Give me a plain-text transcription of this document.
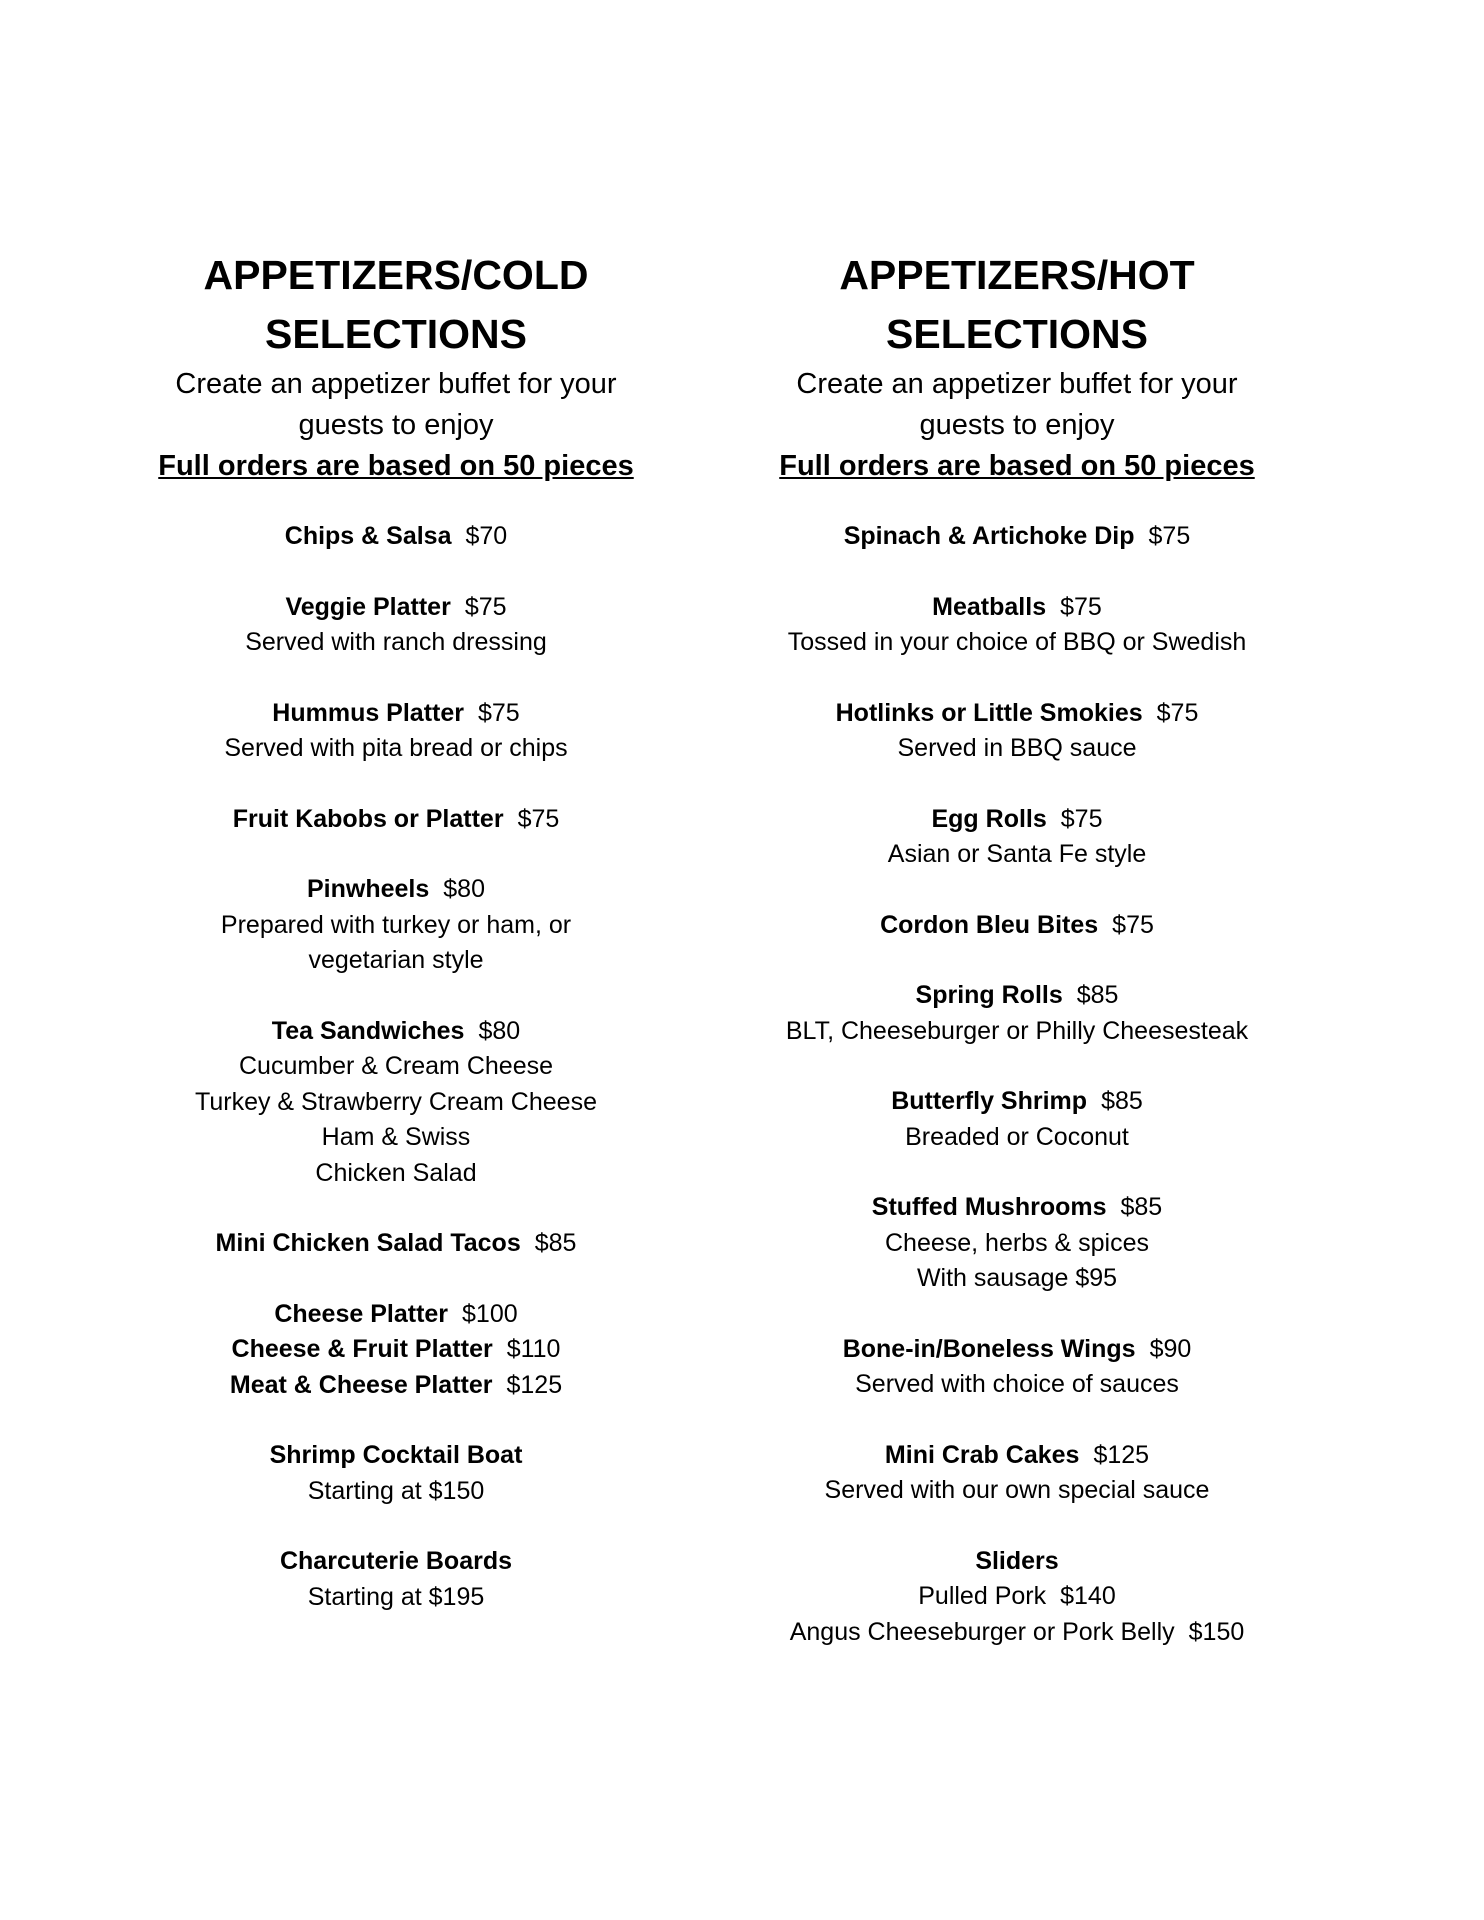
APPETIZERS/COLD
SELECTIONS
Create an appetizer buffet for your
guests to enjoy
Full orders are based on 50 pieces
Chips & Salsa $70
Veggie Platter $75
Served with ranch dressing
Hummus Platter $75
Served with pita bread or chips
Fruit Kabobs or Platter $75
Pinwheels $80
Prepared with turkey or ham, or
vegetarian style
Tea Sandwiches $80
Cucumber & Cream Cheese
Turkey & Strawberry Cream Cheese
Ham & Swiss
Chicken Salad
Mini Chicken Salad Tacos $85
Cheese Platter $100
Cheese & Fruit Platter $110
Meat & Cheese Platter $125
Shrimp Cocktail Boat
Starting at $150
Charcuterie Boards
Starting at $195
APPETIZERS/HOT
SELECTIONS
Create an appetizer buffet for your
guests to enjoy
Full orders are based on 50 pieces
Spinach & Artichoke Dip $75
Meatballs $75
Tossed in your choice of BBQ or Swedish
Hotlinks or Little Smokies $75
Served in BBQ sauce
Egg Rolls $75
Asian or Santa Fe style
Cordon Bleu Bites $75
Spring Rolls $85
BLT, Cheeseburger or Philly Cheesesteak
Butterfly Shrimp $85
Breaded or Coconut
Stuffed Mushrooms $85
Cheese, herbs & spices
With sausage $95
Bone-in/Boneless Wings $90
Served with choice of sauces
Mini Crab Cakes $125
Served with our own special sauce
Sliders
Pulled Pork $140
Angus Cheeseburger or Pork Belly $150
